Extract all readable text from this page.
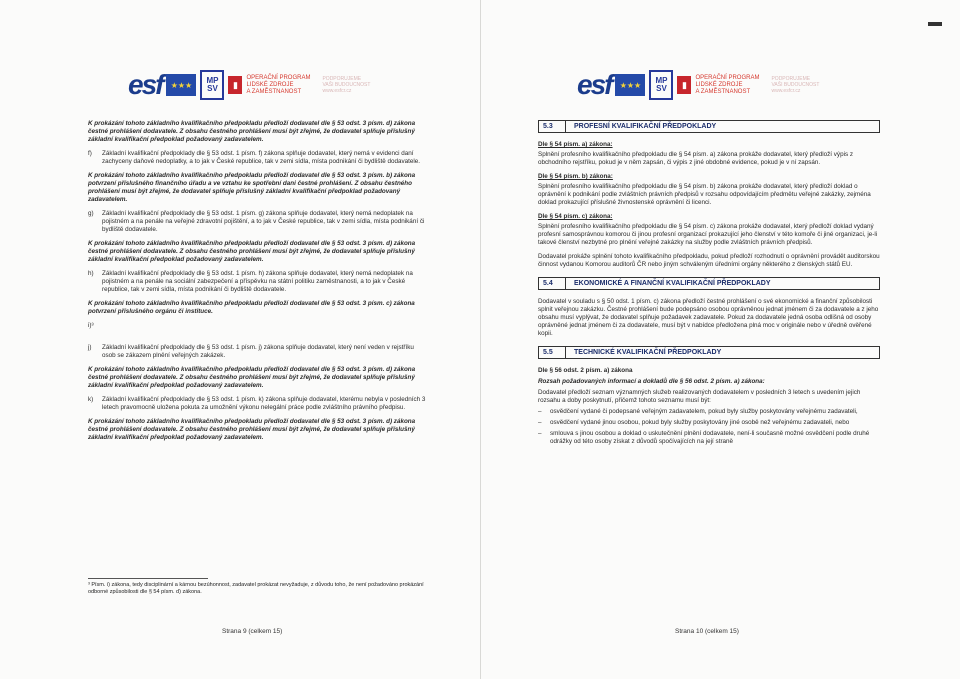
esf	★★★	MP SV	▮
OPERAČNÍ PROGRAM
LIDSKÉ ZDROJE
A ZAMĚSTNANOST
PODPORUJEME
VAŠI BUDOUCNOST
www.esfcr.cz

K prokázání tohoto základního kvalifikačního předpokladu předloží dodavatel dle § 53 odst. 3 písm. d) zákona čestné prohlášení dodavatele. Z obsahu čestného prohlášení musí být zřejmé, že dodavatel splňuje příslušný základní kvalifikační předpoklad požadovaný zadavatelem.

f)	Základní kvalifikační předpoklady dle § 53 odst. 1 písm. f) zákona splňuje dodavatel, který nemá v evidenci daní zachyceny daňové nedoplatky, a to jak v České republice, tak v zemi sídla, místa podnikání či bydliště dodavatele.

K prokázání tohoto základního kvalifikačního předpokladu předloží dodavatel dle § 53 odst. 3 písm. b) zákona potvrzení příslušného finančního úřadu a ve vztahu ke spotřební dani čestné prohlášení. Z obsahu čestného prohlášení musí být zřejmé, že dodavatel splňuje příslušný základní kvalifikační předpoklad požadovaný zadavatelem.

g)	Základní kvalifikační předpoklady dle § 53 odst. 1 písm. g) zákona splňuje dodavatel, který nemá nedoplatek na pojistném a na penále na veřejné zdravotní pojištění, a to jak v České republice, tak v zemi sídla, místa podnikání či bydliště dodavatele.

K prokázání tohoto základního kvalifikačního předpokladu předloží dodavatel dle § 53 odst. 3 písm. d) zákona čestné prohlášení dodavatele. Z obsahu čestného prohlášení musí být zřejmé, že dodavatel splňuje příslušný základní kvalifikační předpoklad požadovaný zadavatelem.

h)	Základní kvalifikační předpoklady dle § 53 odst. 1 písm. h) zákona splňuje dodavatel, který nemá nedoplatek na pojistném a na penále na sociální zabezpečení a příspěvku na státní politiku zaměstnanosti, a to jak v České republice, tak v zemi sídla, místa podnikání či bydliště dodavatele.

K prokázání tohoto základního kvalifikačního předpokladu předloží dodavatel dle § 53 odst. 3 písm. c) zákona potvrzení příslušného orgánu či instituce.

i)³
j)	Základní kvalifikační předpoklady dle § 53 odst. 1 písm. j) zákona splňuje dodavatel, který není veden v rejstříku osob se zákazem plnění veřejných zakázek.

K prokázání tohoto základního kvalifikačního předpokladu předloží dodavatel dle § 53 odst. 3 písm. d) zákona čestné prohlášení dodavatele. Z obsahu čestného prohlášení musí být zřejmé, že dodavatel splňuje příslušný základní kvalifikační předpoklad požadovaný zadavatelem.

k)	Základní kvalifikační předpoklady dle § 53 odst. 1 písm. k) zákona splňuje dodavatel, kterému nebyla v posledních 3 letech pravomocně uložena pokuta za umožnění výkonu nelegální práce podle zvláštního právního předpisu.

K prokázání tohoto základního kvalifikačního předpokladu předloží dodavatel dle § 53 odst. 3 písm. d) zákona čestné prohlášení dodavatele. Z obsahu čestného prohlášení musí být zřejmé, že dodavatel splňuje příslušný základní kvalifikační předpoklad požadovaný zadavatelem.

³ Písm. i) zákona, tedy disciplinární a kárnou bezúhonnost, zadavatel prokázat nevyžaduje, z důvodu toho, že není požadováno prokázání odborné způsobilosti dle § 54 písm. d) zákona.
Strana 9 (celkem 15)
esf	★★★	MP SV	▮
OPERAČNÍ PROGRAM
LIDSKÉ ZDROJE
A ZAMĚSTNANOST
PODPORUJEME
VAŠI BUDOUCNOST
www.esfcr.cz
5.3	PROFESNÍ KVALIFIKAČNÍ PŘEDPOKLADY

Dle § 54 písm. a) zákona:

Splnění profesního kvalifikačního předpokladu dle § 54 písm. a) zákona prokáže dodavatel, který předloží výpis z obchodního rejstříku, pokud je v něm zapsán, či výpis z jiné obdobné evidence, pokud je v ní zapsán.

Dle § 54 písm. b) zákona:

Splnění profesního kvalifikačního předpokladu dle § 54 písm. b) zákona prokáže dodavatel, který předloží doklad o oprávnění k podnikání podle zvláštních právních předpisů v rozsahu odpovídajícím předmětu veřejné zakázky, zejména doklad prokazující příslušné živnostenské oprávnění či licenci.

Dle § 54 písm. c) zákona:

Splnění profesního kvalifikačního předpokladu dle § 54 písm. c) zákona prokáže dodavatel, který předloží doklad vydaný profesní samosprávnou komorou či jinou profesní organizací prokazující jeho členství v této komoře či jiné organizaci, je-li takové členství nezbytné pro plnění veřejné zakázky na služby podle zvláštních právních předpisů.

Dodavatel prokáže splnění tohoto kvalifikačního předpokladu, pokud předloží rozhodnutí o oprávnění provádět auditorskou činnost vydanou Komorou auditorů ČR nebo jiným schváleným úředními orgány některého z členských států EU.

5.4	EKONOMICKÉ A FINANČNÍ KVALIFIKAČNÍ PŘEDPOKLADY

Dodavatel v souladu s § 50 odst. 1 písm. c) zákona předloží čestné prohlášení o své ekonomické a finanční způsobilosti splnit veřejnou zakázku. Čestné prohlášení bude podepsáno osobou oprávněnou jednat jménem či za dodavatele a z jeho obsahu musí vyplývat, že dodavatel splňuje požadavek zadavatele. Pokud za dodavatele jedná osoba odlišná od osoby oprávněné jednat jménem či za dodavatele, musí být v nabídce předložena plná moc v originále nebo v úředně ověřené kopii.

5.5	TECHNICKÉ KVALIFIKAČNÍ PŘEDPOKLADY

Dle § 56 odst. 2 písm. a) zákona

Rozsah požadovaných informací a dokladů dle § 56 odst. 2 písm. a) zákona:

Dodavatel předloží seznam významných služeb realizovaných dodavatelem v posledních 3 letech s uvedením jejich rozsahu a doby poskytnutí, přičemž tohoto seznamu musí být:

–	osvědčení vydané či podepsané veřejným zadavatelem, pokud byly služby poskytovány veřejnému zadavateli,
–	osvědčení vydané jinou osobou, pokud byly služby poskytovány jiné osobě než veřejnému zadavateli, nebo
–	smlouva s jinou osobou a doklad o uskutečnění plnění dodavatele, není-li současně možné osvědčení podle druhé odrážky od této osoby získat z důvodů spočívajících na její straně
Strana 10 (celkem 15)
